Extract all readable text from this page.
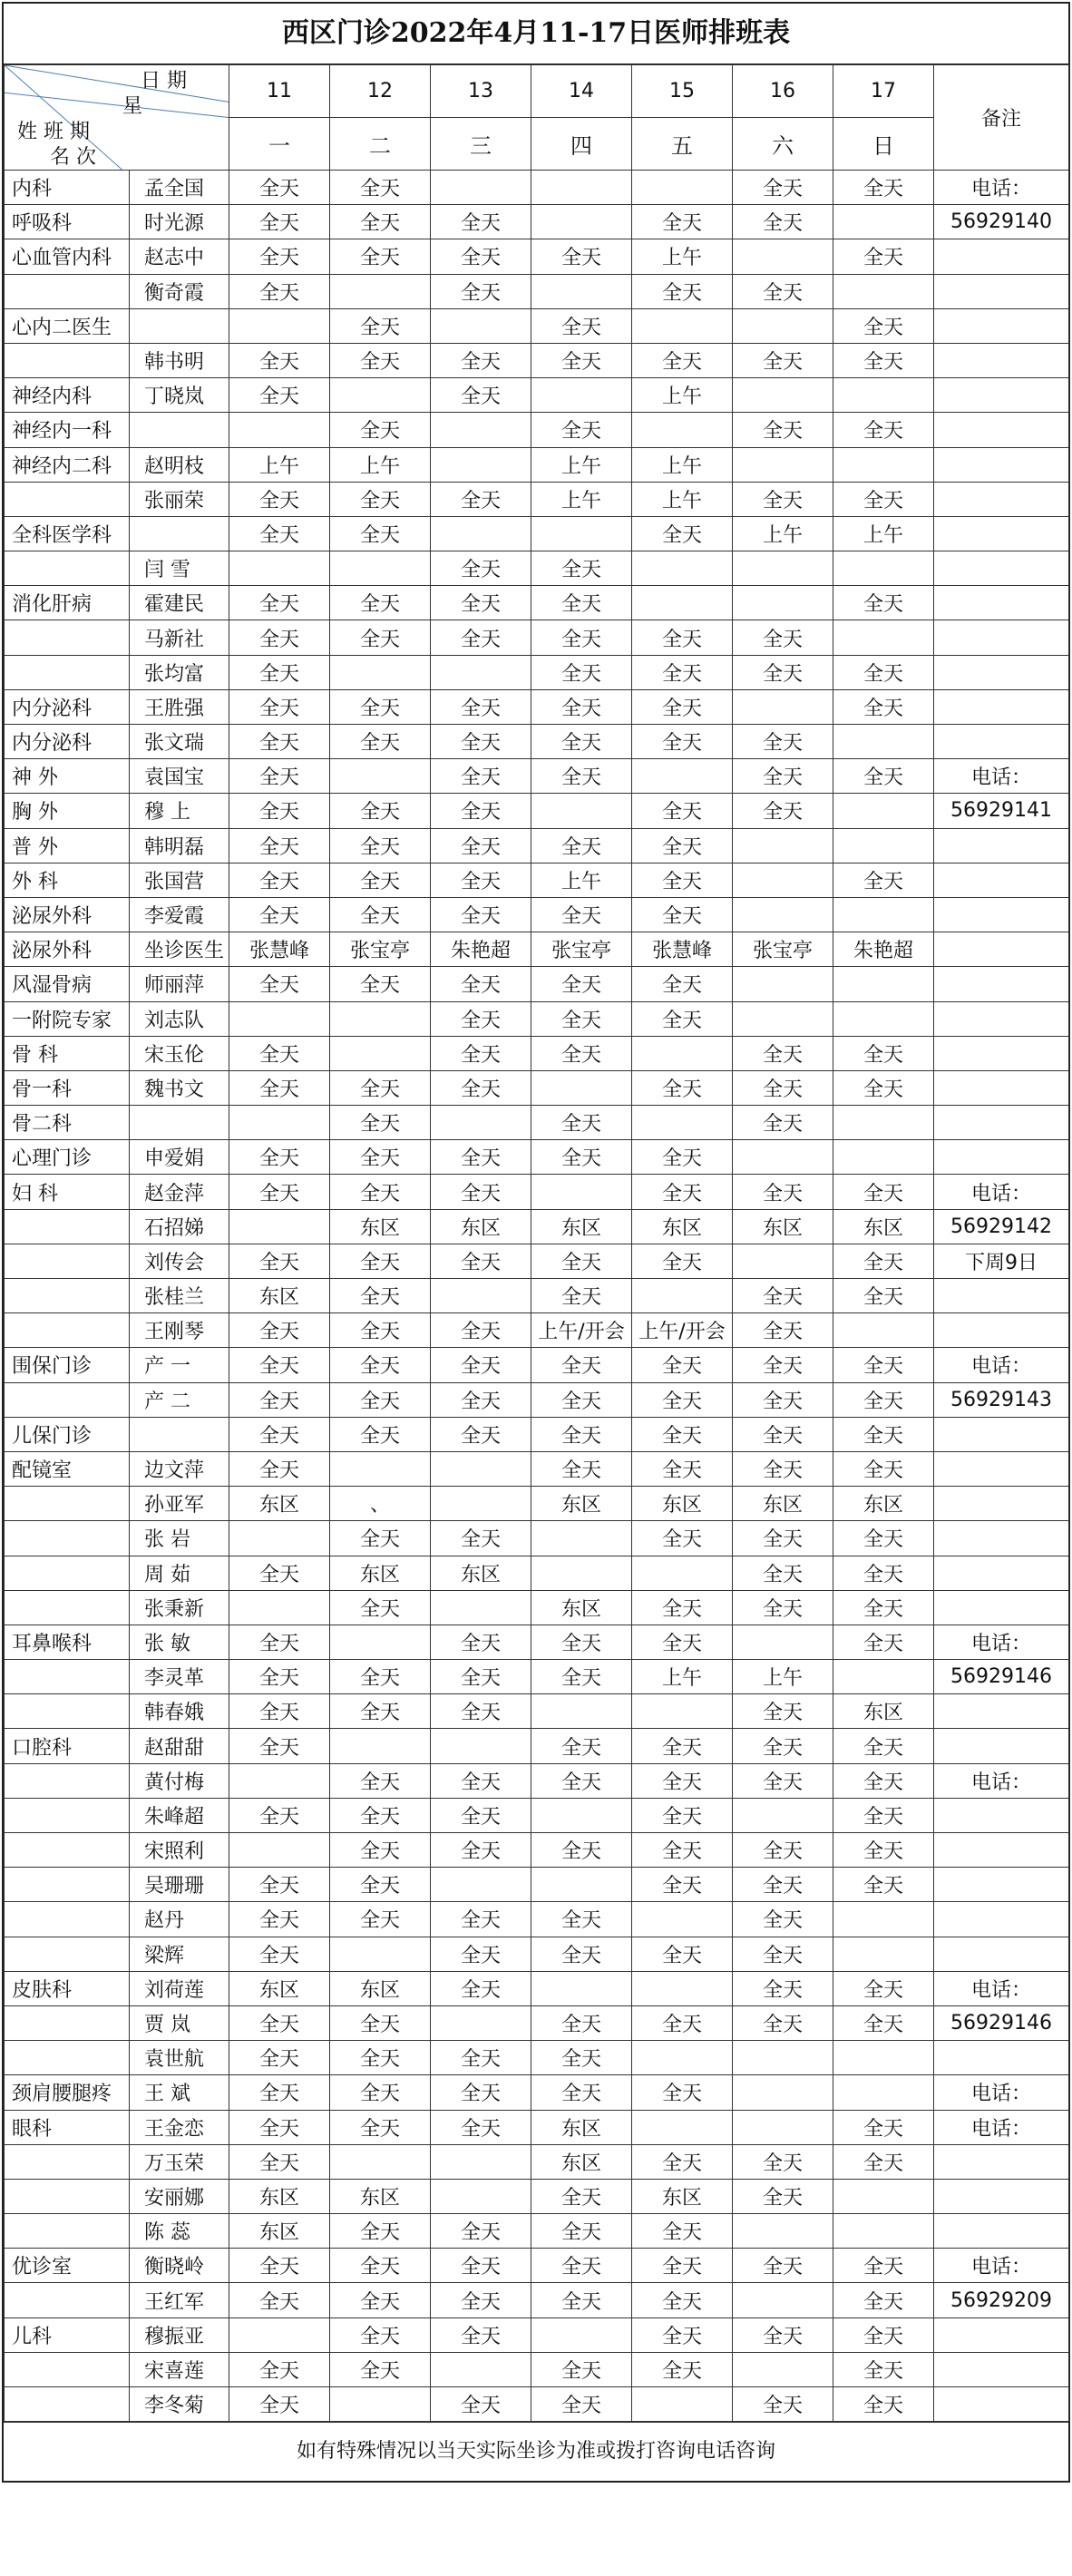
西区门诊2022年4月11-17日医师排班表
日 期
星
姓 班 期
名 次		11	12	13	14	15	16	17	备注
		一	二	三	四	五	六	日	
内科	孟全国	全天	全天				全天	全天	电话：
呼吸科	时光源	全天	全天	全天		全天	全天		56929140
心血管内科	赵志中	全天	全天	全天	全天	上午		全天	
	衡奇霞	全天		全天		全天	全天		
心内二医生			全天		全天			全天	
	韩书明	全天	全天	全天	全天	全天	全天	全天	
神经内科	丁晓岚	全天		全天		上午			
神经内一科			全天		全天		全天	全天	
神经内二科	赵明枝	上午	上午		上午	上午			
	张丽荣	全天	全天	全天	上午	上午	全天	全天	
全科医学科		全天	全天			全天	上午	上午	
	闫 雪			全天	全天				
消化肝病	霍建民	全天	全天	全天	全天			全天	
	马新社	全天	全天	全天	全天	全天	全天		
	张均富	全天			全天	全天	全天	全天	
内分泌科	王胜强	全天	全天	全天	全天	全天		全天	
内分泌科	张文瑞	全天	全天	全天	全天	全天	全天		
神 外	袁国宝	全天		全天	全天		全天	全天	电话：
胸 外	穆 上	全天	全天	全天		全天	全天		56929141
普 外	韩明磊	全天	全天	全天	全天	全天			
外 科	张国营	全天	全天	全天	上午	全天		全天	
泌尿外科	李爱霞	全天	全天	全天	全天	全天			
泌尿外科	坐诊医生	张慧峰	张宝亭	朱艳超	张宝亭	张慧峰	张宝亭	朱艳超	
风湿骨病	师丽萍	全天	全天	全天	全天	全天			
一附院专家	刘志队			全天	全天	全天			
骨 科	宋玉伦	全天		全天	全天		全天	全天	
骨一科	魏书文	全天	全天	全天		全天	全天	全天	
骨二科			全天		全天		全天		
心理门诊	申爱娟	全天	全天	全天	全天	全天			
妇 科	赵金萍	全天	全天	全天		全天	全天	全天	电话：
	石招娣		东区	东区	东区	东区	东区	东区	56929142
	刘传会	全天	全天	全天	全天	全天		全天	下周9日
	张桂兰	东区	全天		全天		全天	全天	
	王刚琴	全天	全天	全天	上午/开会	上午/开会	全天		
围保门诊	产 一	全天	全天	全天	全天	全天	全天	全天	电话：
	产 二	全天	全天	全天	全天	全天	全天	全天	56929143
儿保门诊		全天	全天	全天	全天	全天	全天	全天	
配镜室	边文萍	全天			全天	全天	全天	全天	
	孙亚军	东区	、		东区	东区	东区	东区	
	张 岩		全天	全天		全天	全天	全天	
	周 茹	全天	东区	东区			全天	全天	
	张秉新		全天		东区	全天	全天	全天	
耳鼻喉科	张 敏	全天		全天	全天	全天		全天	电话：
	李灵革	全天	全天	全天	全天	上午	上午		56929146
	韩春娥	全天	全天	全天			全天	东区	
口腔科	赵甜甜	全天			全天	全天	全天	全天	
	黄付梅		全天	全天	全天	全天	全天	全天	电话：
	朱峰超	全天	全天	全天		全天		全天	
	宋照利		全天	全天	全天	全天	全天	全天	
	吴珊珊	全天	全天			全天	全天	全天	
	赵丹	全天	全天	全天	全天		全天		
	梁辉	全天		全天	全天	全天	全天		
皮肤科	刘荷莲	东区	东区	全天			全天	全天	电话：
	贾 岚	全天	全天		全天	全天	全天	全天	56929146
	袁世航	全天	全天	全天	全天				
颈肩腰腿疼	王 斌	全天	全天	全天	全天	全天			电话：
眼科	王金恋	全天	全天	全天	东区			全天	电话：
	万玉荣	全天			东区	全天	全天	全天	
	安丽娜	东区	东区		全天	东区	全天		
	陈 蕊	东区	全天	全天	全天	全天			
优诊室	衡晓岭	全天	全天	全天	全天	全天	全天	全天	电话：
	王红军	全天	全天	全天	全天	全天		全天	56929209
儿科	穆振亚		全天	全天		全天	全天	全天	
	宋喜莲	全天	全天		全天	全天		全天	
	李冬菊	全天		全天	全天		全天	全天	
如有特殊情况以当天实际坐诊为准或拨打咨询电话咨询
